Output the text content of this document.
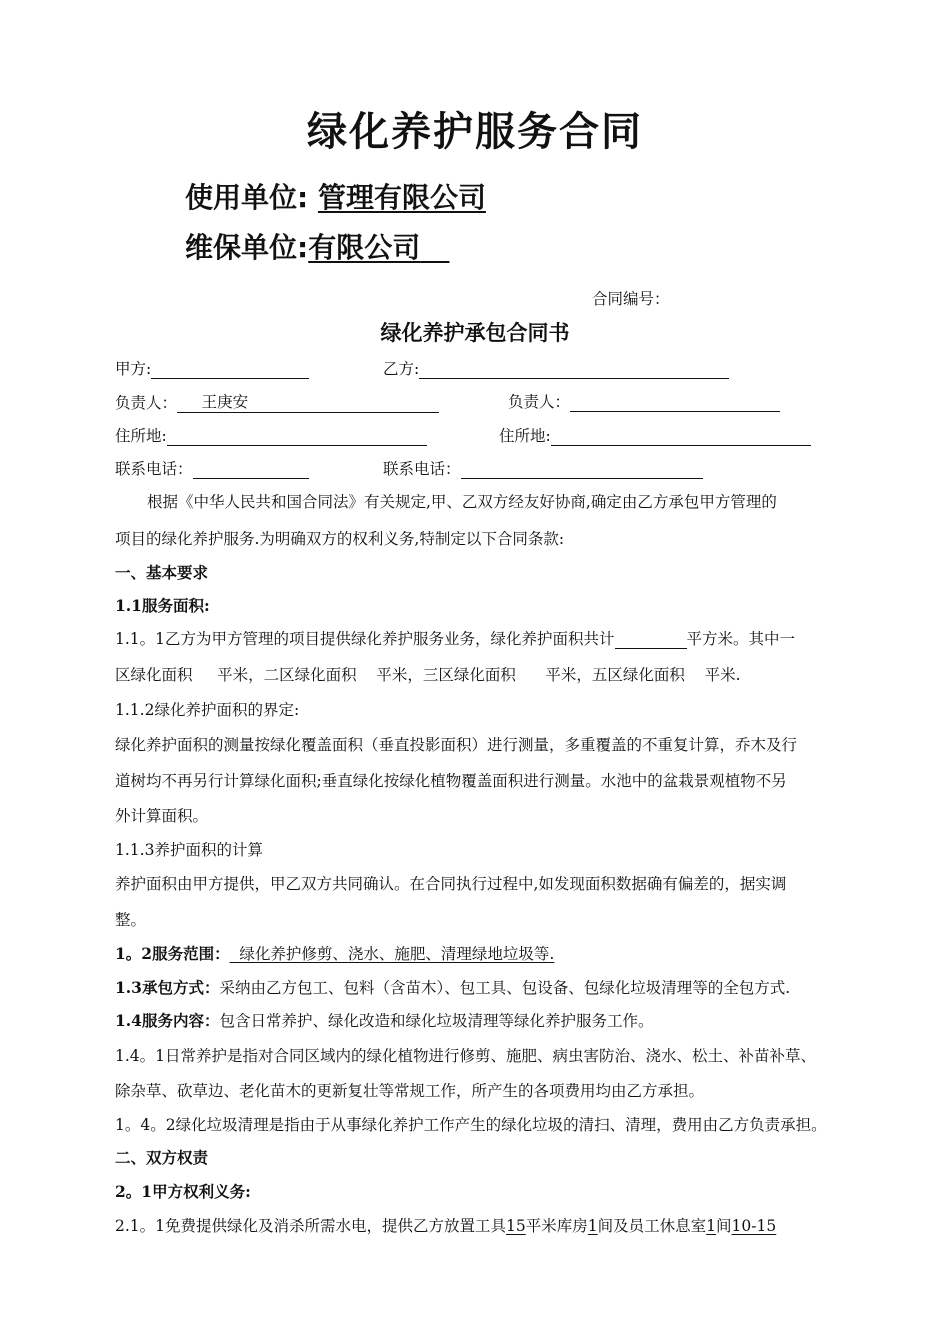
绿化养护服务合同
使用单位: 管理有限公司
维保单位:有限公司
合同编号：
绿化养护承包合同书
甲方:	乙方:
负责人： 王庚安	负责人：
住所地:	住所地:
联系电话：	联系电话：
根据《中华人民共和国合同法》有关规定,甲、乙双方经友好协商,确定由乙方承包甲方管理的
项目的绿化养护服务.为明确双方的权利义务,特制定以下合同条款:
一、基本要求
1.1服务面积:
1.1。1乙方为甲方管理的项目提供绿化养护服务业务，绿化养护面积共计	平方米。其中一
区绿化面积     平米，二区绿化面积    平米，三区绿化面积      平米，五区绿化面积    平米.
1.1.2绿化养护面积的界定:
绿化养护面积的测量按绿化覆盖面积（垂直投影面积）进行测量，多重覆盖的不重复计算，乔木及行
道树均不再另行计算绿化面积;垂直绿化按绿化植物覆盖面积进行测量。水池中的盆栽景观植物不另
外计算面积。
1.1.3养护面积的计算
养护面积由甲方提供，甲乙双方共同确认。在合同执行过程中,如发现面积数据确有偏差的，据实调
整。
1。2服务范围：  绿化养护修剪、浇水、施肥、清理绿地垃圾等.
1.3承包方式：采纳由乙方包工、包料（含苗木）、包工具、包设备、包绿化垃圾清理等的全包方式.
1.4服务内容：包含日常养护、绿化改造和绿化垃圾清理等绿化养护服务工作。
1.4。1日常养护是指对合同区域内的绿化植物进行修剪、施肥、病虫害防治、浇水、松土、补苗补草、
除杂草、砍草边、老化苗木的更新复壮等常规工作，所产生的各项费用均由乙方承担。
1。4。2绿化垃圾清理是指由于从事绿化养护工作产生的绿化垃圾的清扫、清理，费用由乙方负责承担。
二、双方权责
2。1甲方权利义务:
2.1。1免费提供绿化及消杀所需水电，提供乙方放置工具15平米库房1间及员工休息室1间10-15
